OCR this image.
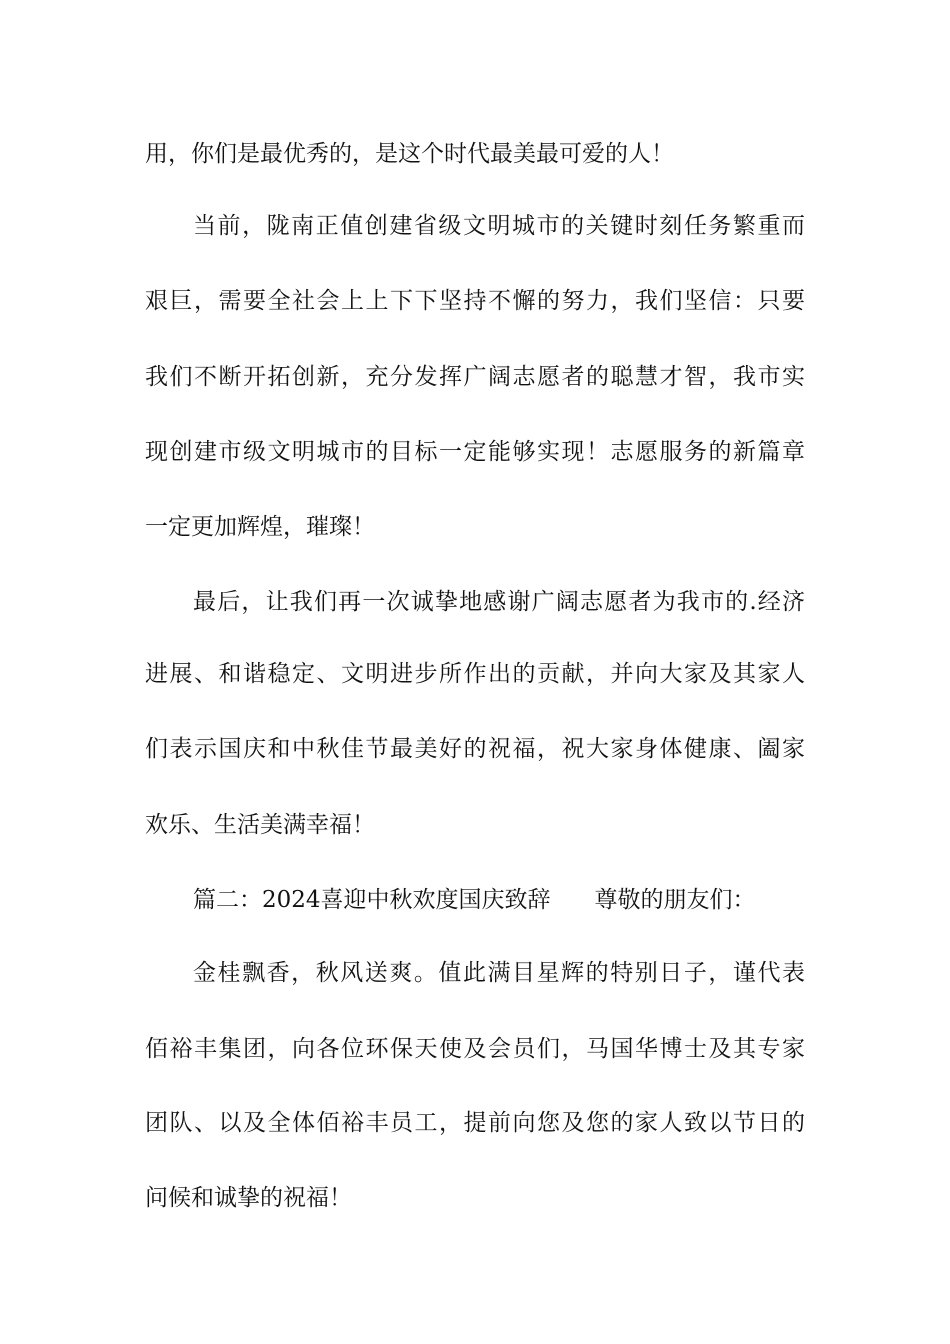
用，你们是最优秀的，是这个时代最美最可爱的人！
当前，陇南正值创建省级文明城市的关键时刻任务繁重而
艰巨，需要全社会上上下下坚持不懈的努力，我们坚信：只要
我们不断开拓创新，充分发挥广阔志愿者的聪慧才智，我市实
现创建市级文明城市的目标一定能够实现！志愿服务的新篇章
一定更加辉煌，璀璨！
最后，让我们再一次诚挚地感谢广阔志愿者为我市的.经济
进展、和谐稳定、文明进步所作出的贡献，并向大家及其家人
们表示国庆和中秋佳节最美好的祝福，祝大家身体健康、阖家
欢乐、生活美满幸福！
篇二：2024喜迎中秋欢度国庆致辞 尊敬的朋友们：
金桂飘香，秋风送爽。值此满目星辉的特别日子，谨代表
佰裕丰集团，向各位环保天使及会员们，马国华博士及其专家
团队、以及全体佰裕丰员工，提前向您及您的家人致以节日的
问候和诚挚的祝福！
